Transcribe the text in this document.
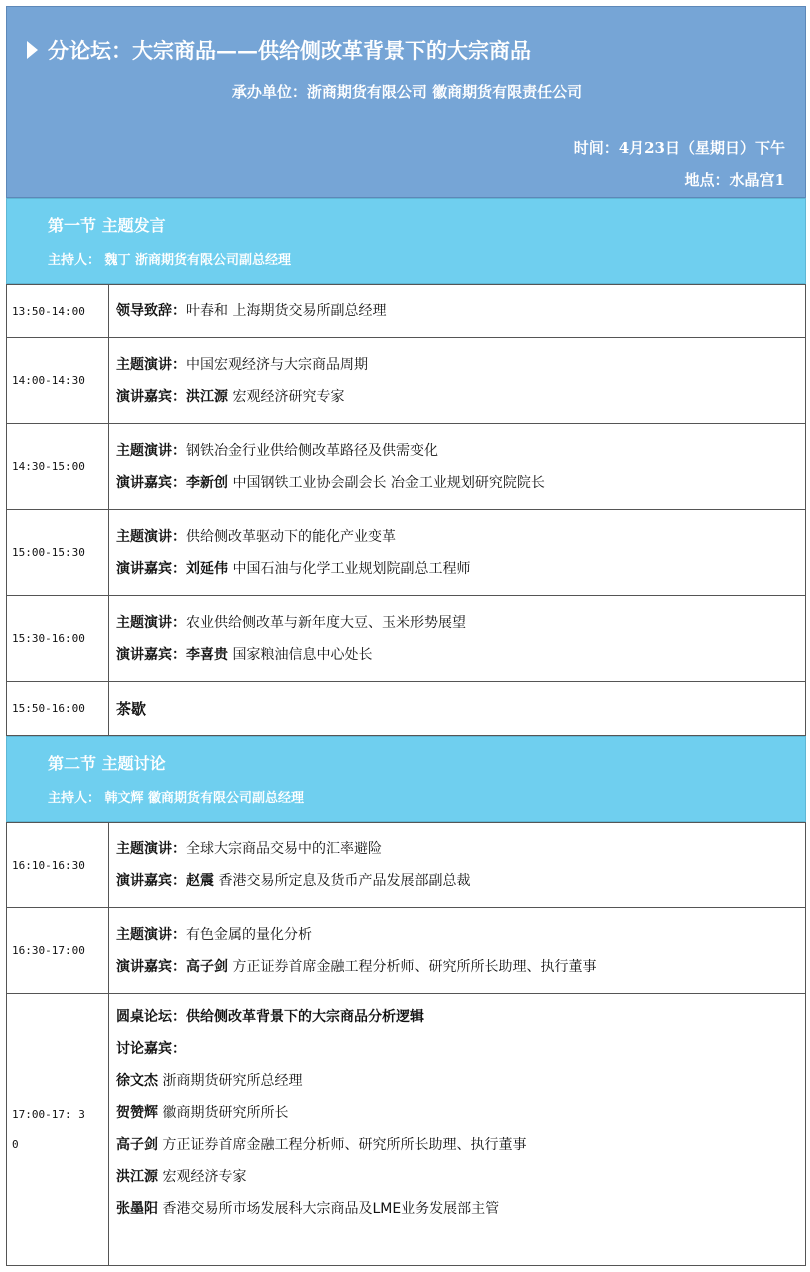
分论坛：大宗商品——供给侧改革背景下的大宗商品
承办单位：浙商期货有限公司 徽商期货有限责任公司
时间：4月23日（星期日）下午
地点：水晶宫1
第一节 主题发言
主持人： 魏丁 浙商期货有限公司副总经理
13:50-14:00	领导致辞：叶春和 上海期货交易所副总经理
14:00-14:30
主题演讲：中国宏观经济与大宗商品周期
演讲嘉宾：洪江源 宏观经济研究专家
14:30-15:00
主题演讲：钢铁冶金行业供给侧改革路径及供需变化
演讲嘉宾：李新创 中国钢铁工业协会副会长 冶金工业规划研究院院长
15:00-15:30
主题演讲：供给侧改革驱动下的能化产业变革
演讲嘉宾：刘延伟 中国石油与化学工业规划院副总工程师
15:30-16:00
主题演讲：农业供给侧改革与新年度大豆、玉米形势展望
演讲嘉宾：李喜贵 国家粮油信息中心处长
15:50-16:00	茶歇
第二节 主题讨论
主持人： 韩文辉 徽商期货有限公司副总经理
16:10-16:30
主题演讲：全球大宗商品交易中的汇率避险
演讲嘉宾：赵震 香港交易所定息及货币产品发展部副总裁
16:30-17:00
主题演讲：有色金属的量化分析
演讲嘉宾：高子剑 方正证券首席金融工程分析师、研究所所长助理、执行董事
17:00-17: 3
0
圆桌论坛：供给侧改革背景下的大宗商品分析逻辑
讨论嘉宾：
徐文杰 浙商期货研究所总经理
贺赞辉 徽商期货研究所所长
高子剑 方正证券首席金融工程分析师、研究所所长助理、执行董事
洪江源 宏观经济专家
张墨阳 香港交易所市场发展科大宗商品及LME业务发展部主管
